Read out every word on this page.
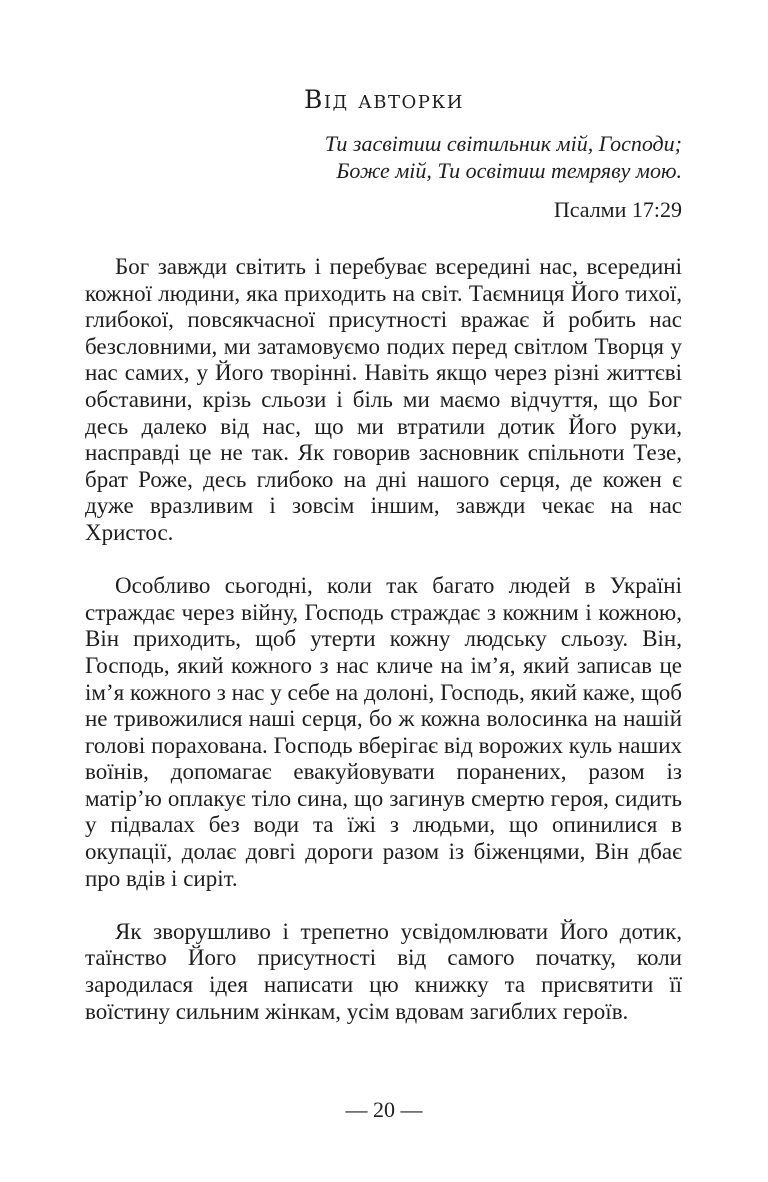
Від авторки
Ти засвітиш світильник мій, Господи;
Боже мій, Ти освітиш темряву мою.
Псалми 17:29

Бог завжди світить і перебуває всередині нас, всередині кожної людини, яка приходить на світ. Таємниця Його тихої, глибокої, повсякчасної присутності вражає й робить нас безсловними, ми затамовуємо подих перед світлом Творця у нас самих, у Його творінні. Навіть якщо через різні життєві обставини, крізь сльози і біль ми маємо відчуття, що Бог десь далеко від нас, що ми втратили дотик Його руки, насправді це не так. Як говорив засновник спільноти Тезе, брат Роже, десь глибоко на дні нашого серця, де кожен є дуже вразливим і зовсім іншим, завжди чекає на нас Христос.

Особливо сьогодні, коли так багато людей в Україні страждає через війну, Господь страждає з кожним і кожною, Він приходить, щоб утерти кожну людську сльозу. Він, Господь, який кожного з нас кличе на ім’я, який записав це ім’я кожного з нас у себе на долоні, Господь, який каже, щоб не тривожилися наші серця, бо ж кожна волосинка на нашій голові порахована. Господь вберігає від ворожих куль наших воїнів, допомагає евакуйовувати поранених, разом із матір’ю оплакує тіло сина, що загинув смертю героя, сидить у підвалах без води та їжі з людьми, що опинилися в окупації, долає довгі дороги разом із біженцями, Він дбає про вдів і сиріт.

Як зворушливо і трепетно усвідомлювати Його дотик, таїнство Його присутності від самого початку, коли зародилася ідея написати цю книжку та присвятити її воїстину сильним жінкам, усім вдовам загиблих героїв.

— 20 —
